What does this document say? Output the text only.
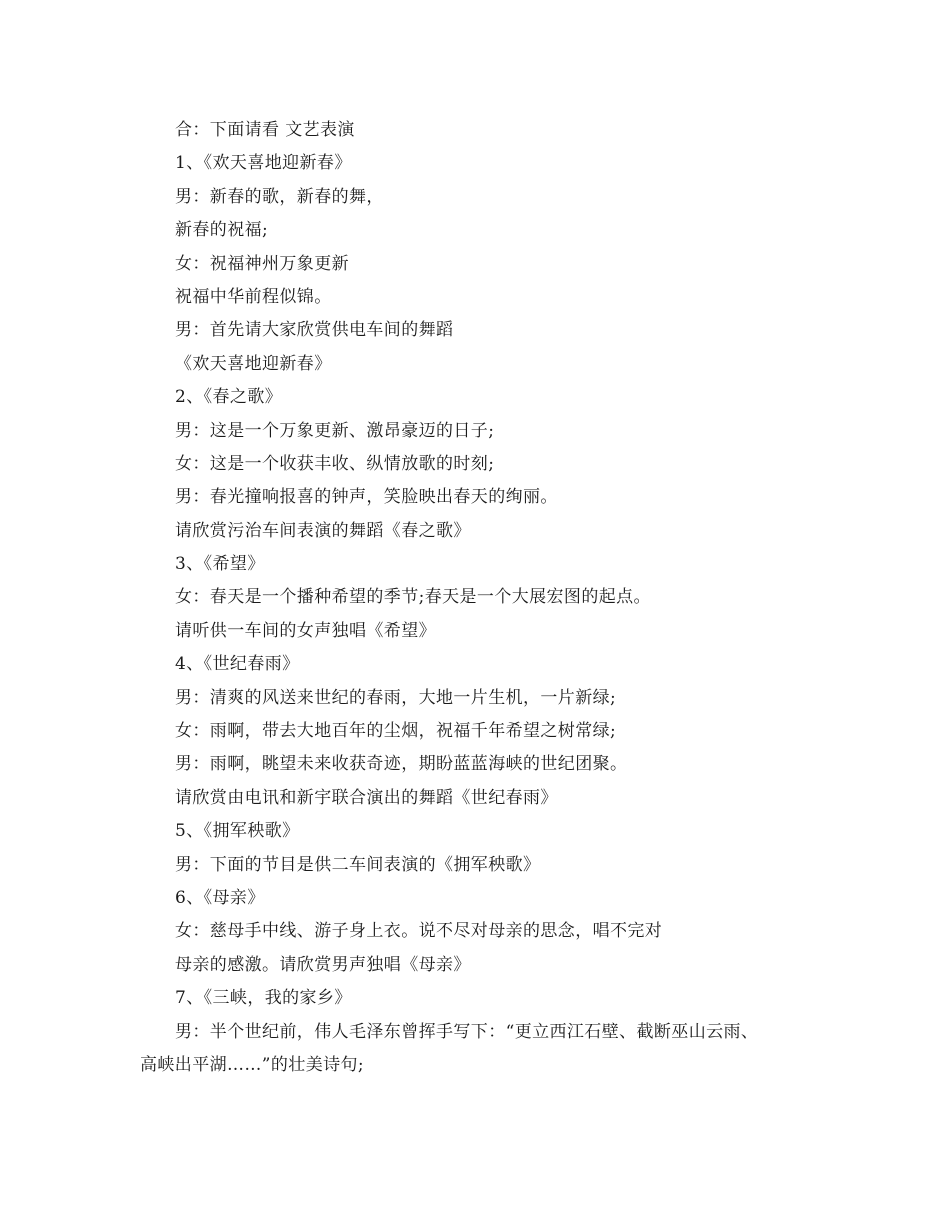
合：下面请看 文艺表演
1、《欢天喜地迎新春》
男：新春的歌，新春的舞，
新春的祝福;
女：祝福神州万象更新
祝福中华前程似锦。
男：首先请大家欣赏供电车间的舞蹈
《欢天喜地迎新春》
2、《春之歌》
男：这是一个万象更新、激昂豪迈的日子;
女：这是一个收获丰收、纵情放歌的时刻;
男：春光撞响报喜的钟声，笑脸映出春天的绚丽。
请欣赏污治车间表演的舞蹈《春之歌》
3、《希望》
女：春天是一个播种希望的季节;春天是一个大展宏图的起点。
请听供一车间的女声独唱《希望》
4、《世纪春雨》
男：清爽的风送来世纪的春雨，大地一片生机，一片新绿;
女：雨啊，带去大地百年的尘烟，祝福千年希望之树常绿;
男：雨啊，眺望未来收获奇迹，期盼蓝蓝海峡的世纪团聚。
请欣赏由电讯和新宇联合演出的舞蹈《世纪春雨》
5、《拥军秧歌》
男：下面的节目是供二车间表演的《拥军秧歌》
6、《母亲》
女：慈母手中线、游子身上衣。说不尽对母亲的思念，唱不完对
母亲的感激。请欣赏男声独唱《母亲》
7、《三峡，我的家乡》
男：半个世纪前，伟人毛泽东曾挥手写下：“更立西江石壁、截断巫山云雨、
高峡出平湖……”的壮美诗句;
